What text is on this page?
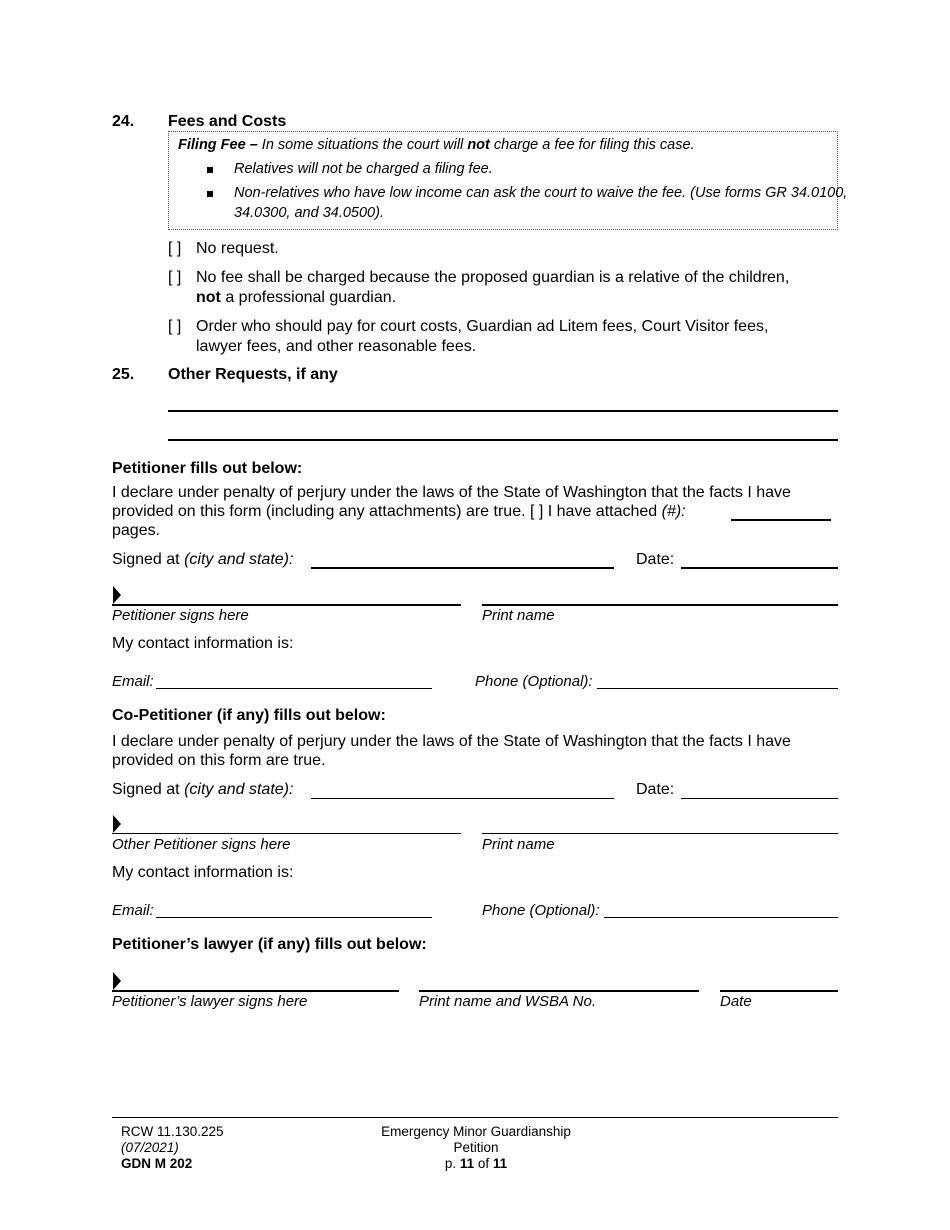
24. Fees and Costs
Filing Fee – In some situations the court will not charge a fee for filing this case.
Relatives will not be charged a filing fee.
Non-relatives who have low income can ask the court to waive the fee. (Use forms GR 34.0100,
34.0300, and 34.0500).
[ ] No request.
[ ] No fee shall be charged because the proposed guardian is a relative of the children,
not a professional guardian.
[ ] Order who should pay for court costs, Guardian ad Litem fees, Court Visitor fees,
lawyer fees, and other reasonable fees.
25. Other Requests, if any
Petitioner fills out below:
I declare under penalty of perjury under the laws of the State of Washington that the facts I have
provided on this form (including any attachments) are true. [ ] I have attached (#):
pages.
Signed at (city and state):	Date:
Petitioner signs here	Print name
My contact information is:
Email:	Phone (Optional):
Co-Petitioner (if any) fills out below:
I declare under penalty of perjury under the laws of the State of Washington that the facts I have
provided on this form are true.
Signed at (city and state):	Date:
Other Petitioner signs here	Print name
My contact information is:
Email:	Phone (Optional):
Petitioner’s lawyer (if any) fills out below:
Petitioner’s lawyer signs here	Print name and WSBA No.	Date
RCW 11.130.225
(07/2021)
GDN M 202
Emergency Minor Guardianship
Petition
p. 11 of 11
